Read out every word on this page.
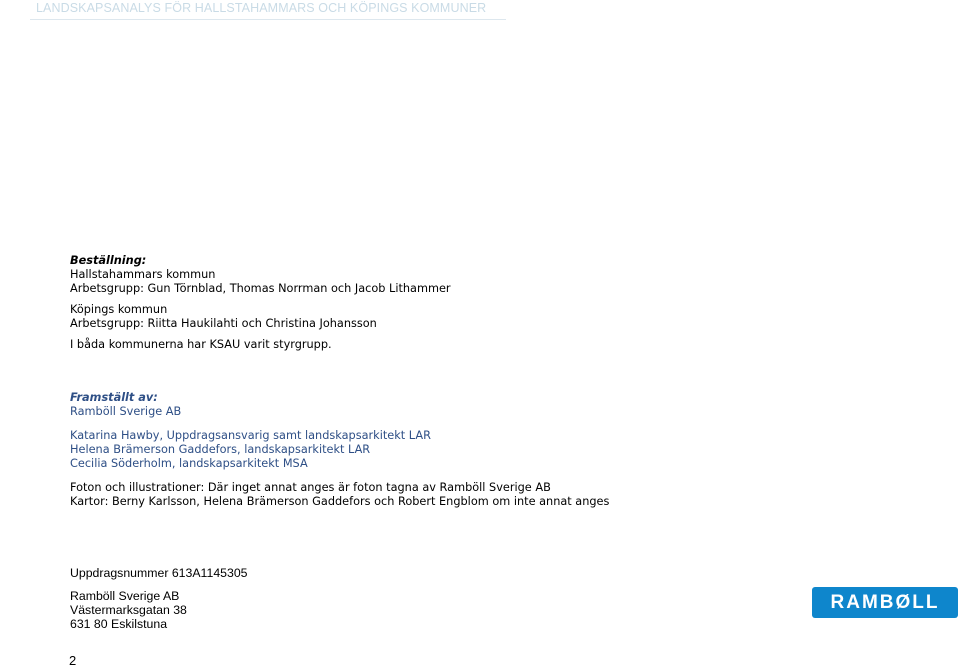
LANDSKAPSANALYS FÖR HALLSTAHAMMARS OCH KÖPINGS KOMMUNER
Beställning:
Hallstahammars kommun
Arbetsgrupp: Gun Törnblad, Thomas Norrman och Jacob Lithammer
Köpings kommun
Arbetsgrupp: Riitta Haukilahti och Christina Johansson
I båda kommunerna har KSAU varit styrgrupp.
Framställt av:
Ramböll Sverige AB
Katarina Hawby, Uppdragsansvarig samt landskapsarkitekt LAR
Helena Brämerson Gaddefors, landskapsarkitekt LAR
Cecilia Söderholm, landskapsarkitekt MSA
Foton och illustrationer: Där inget annat anges är foton tagna av Ramböll Sverige AB
Kartor: Berny Karlsson, Helena Brämerson Gaddefors och Robert Engblom om inte annat anges
Uppdragsnummer 613A1145305
Ramböll Sverige AB
Västermarksgatan 38
631 80 Eskilstuna
RAMBØLL
2
